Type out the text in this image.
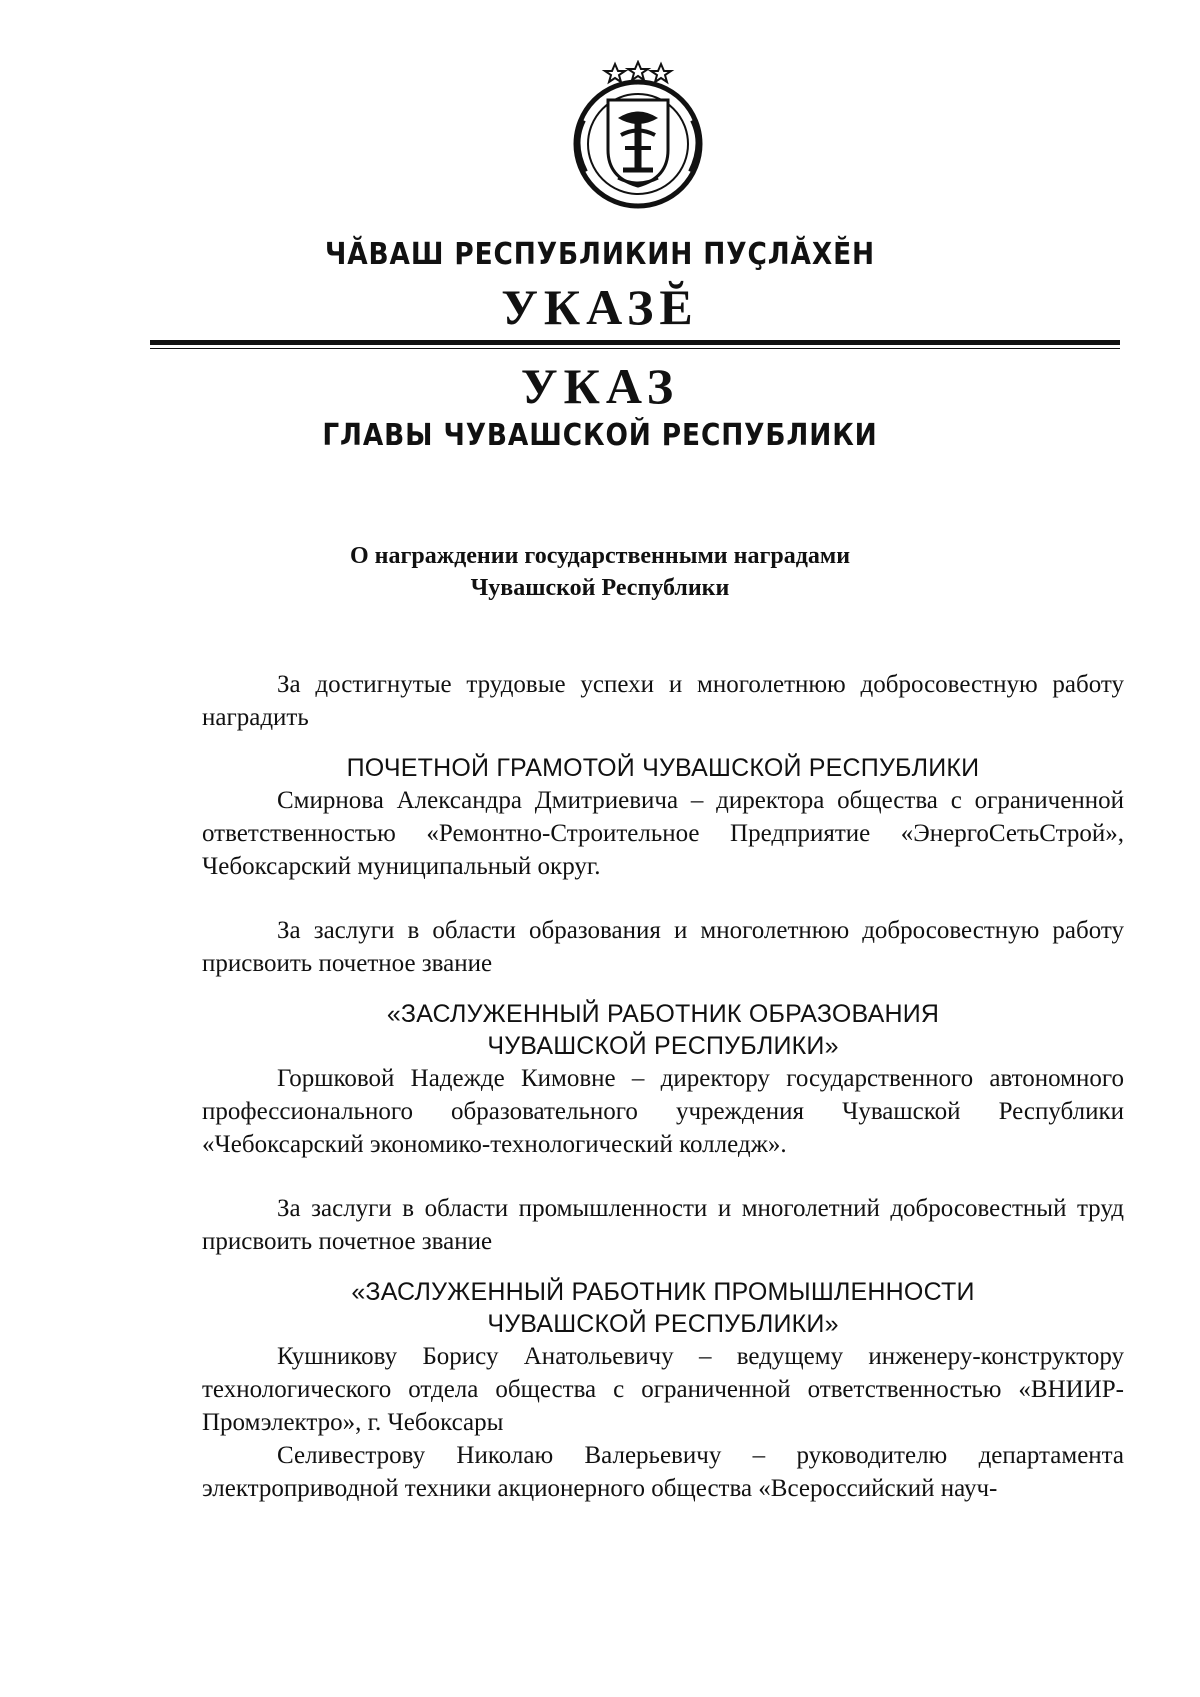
ЧĂВАШ РЕСПУБЛИКИН ПУÇЛĂХĔН
УКАЗĔ
УКАЗ
ГЛАВЫ ЧУВАШСКОЙ РЕСПУБЛИКИ
О награждении государственными наградами
Чувашской Республики

За достигнутые трудовые успехи и многолетнюю добросовестную работу наградить

ПОЧЕТНОЙ ГРАМОТОЙ ЧУВАШСКОЙ РЕСПУБЛИКИ

Смирнова Александра Дмитриевича – директора общества с ограниченной ответственностью «Ремонтно-Строительное Предприятие «ЭнергоСетьСтрой», Чебоксарский муниципальный округ.

За заслуги в области образования и многолетнюю добросовестную работу присвоить почетное звание

«ЗАСЛУЖЕННЫЙ РАБОТНИК ОБРАЗОВАНИЯ
ЧУВАШСКОЙ РЕСПУБЛИКИ»

Горшковой Надежде Кимовне – директору государственного автономного профессионального образовательного учреждения Чувашской Республики «Чебоксарский экономико-технологический колледж».

За заслуги в области промышленности и многолетний добросовестный труд присвоить почетное звание

«ЗАСЛУЖЕННЫЙ РАБОТНИК ПРОМЫШЛЕННОСТИ
ЧУВАШСКОЙ РЕСПУБЛИКИ»

Кушникову Борису Анатольевичу – ведущему инженеру-конструктору технологического отдела общества с ограниченной ответственностью «ВНИИР-Промэлектро», г. Чебоксары

Селивестрову Николаю Валерьевичу – руководителю департамента электроприводной техники акционерного общества «Всероссийский науч-
